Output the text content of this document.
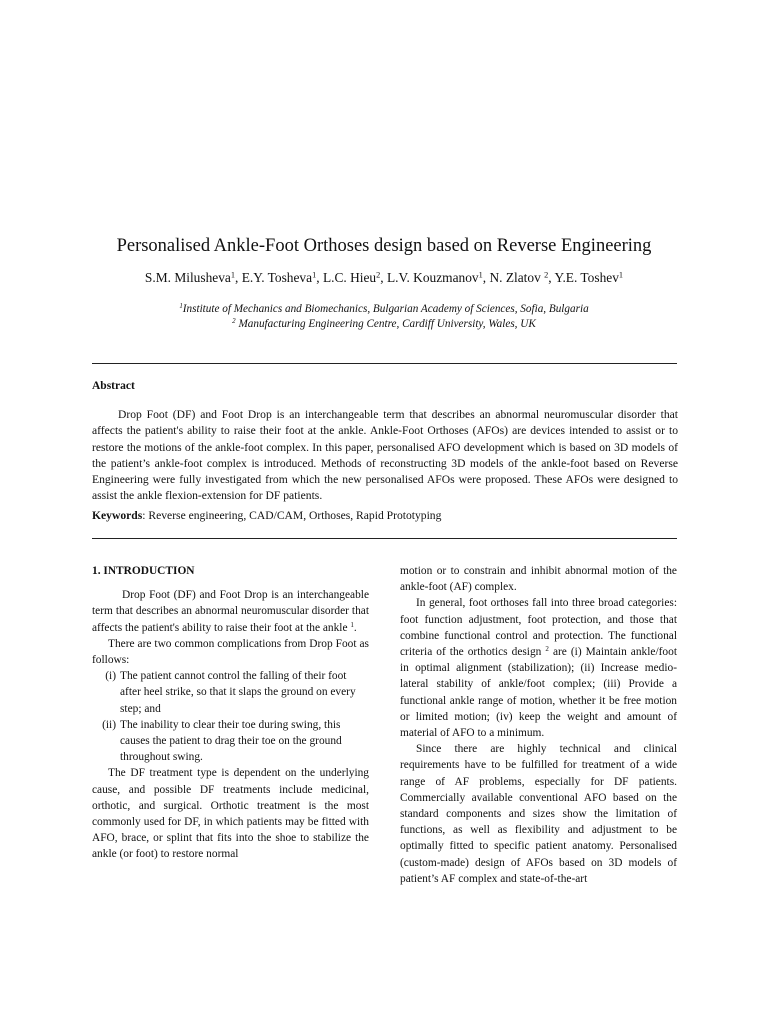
Personalised Ankle-Foot Orthoses design based on Reverse Engineering
S.M. Milusheva$^1$, E.Y. Tosheva$^1$, L.C. Hieu$^2$, L.V. Kouzmanov$^1$, N. Zlatov $^2$, Y.E. Toshev$^1$
$^1$Institute of Mechanics and Biomechanics, Bulgarian Academy of Sciences, Sofia, Bulgaria
$^2$ Manufacturing Engineering Centre, Cardiff University, Wales, UK
Abstract

Drop Foot (DF) and Foot Drop is an interchangeable term that describes an abnormal neuromuscular disorder that affects the patient's ability to raise their foot at the ankle. Ankle-Foot Orthoses (AFOs) are devices intended to assist or to restore the motions of the ankle-foot complex. In this paper, personalised AFO development which is based on 3D models of the patient’s ankle-foot complex is introduced. Methods of reconstructing 3D models of the ankle-foot based on Reverse Engineering were fully investigated from which the new personalised AFOs were proposed. These AFOs were designed to assist the ankle flexion-extension for DF patients.

Keywords: Reverse engineering, CAD/CAM, Orthoses, Rapid Prototyping
1. INTRODUCTION

Drop Foot (DF) and Foot Drop is an interchangeable term that describes an abnormal neuromuscular disorder that affects the patient's ability to raise their foot at the ankle $^1$.

There are two common complications from Drop Foot as follows:

(i) The patient cannot control the falling of their foot after heel strike, so that it slaps the ground on every step; and
(ii) The inability to clear their toe during swing, this causes the patient to drag their toe on the ground throughout swing.

The DF treatment type is dependent on the underlying cause, and possible DF treatments include medicinal, orthotic, and surgical. Orthotic treatment is the most commonly used for DF, in which patients may be fitted with AFO, brace, or splint that fits into the shoe to stabilize the ankle (or foot) to restore normal

motion or to constrain and inhibit abnormal motion of the ankle-foot (AF) complex.

In general, foot orthoses fall into three broad categories: foot function adjustment, foot protection, and those that combine functional control and protection. The functional criteria of the orthotics design $^2$ are (i) Maintain ankle/foot in optimal alignment (stabilization); (ii) Increase medio-lateral stability of ankle/foot complex; (iii) Provide a functional ankle range of motion, whether it be free motion or limited motion; (iv) keep the weight and amount of material of AFO to a minimum.

Since there are highly technical and clinical requirements have to be fulfilled for treatment of a wide range of AF problems, especially for DF patients. Commercially available conventional AFO based on the standard components and sizes show the limitation of functions, as well as flexibility and adjustment to be optimally fitted to specific patient anatomy. Personalised (custom-made) design of AFOs based on 3D models of patient’s AF complex and state-of-the-art
